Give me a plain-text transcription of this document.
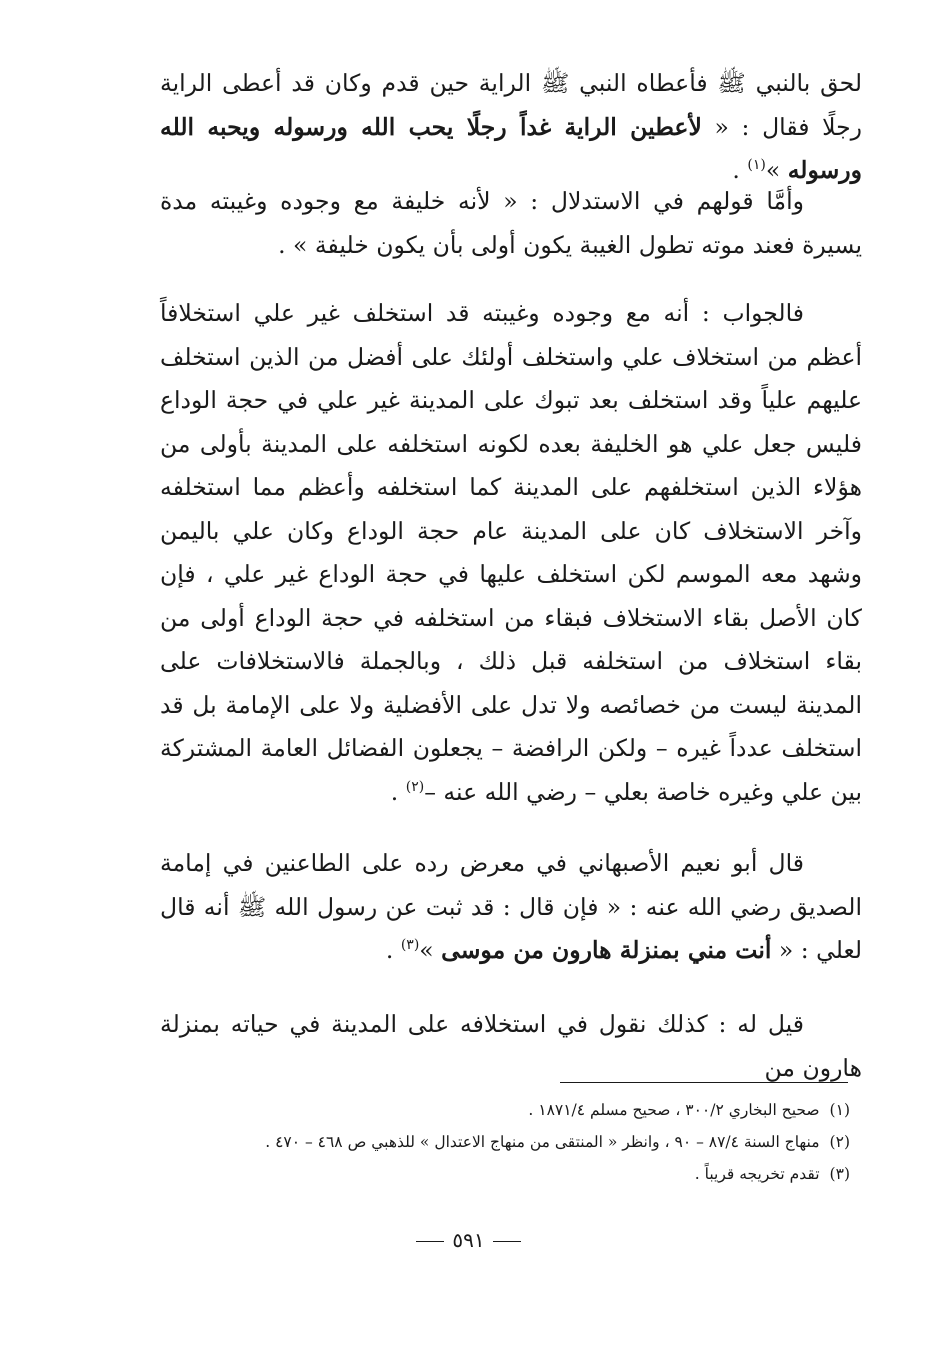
لحق بالنبي ﷺ فأعطاه النبي ﷺ الراية حين قدم وكان قد أعطى الراية رجلًا فقال : « لأعطين الراية غداً رجلًا يحب الله ورسوله ويحبه الله ورسوله »$^{(١)}$ .

وأمَّا قولهم في الاستدلال : « لأنه خليفة مع وجوده وغيبته مدة يسيرة فعند موته تطول الغيبة يكون أولى بأن يكون خليفة » .

فالجواب : أنه مع وجوده وغيبته قد استخلف غير علي استخلافاً أعظم من استخلاف علي واستخلف أولئك على أفضل من الذين استخلف عليهم علياً وقد استخلف بعد تبوك على المدينة غير علي في حجة الوداع فليس جعل علي هو الخليفة بعده لكونه استخلفه على المدينة بأولى من هؤلاء الذين استخلفهم على المدينة كما استخلفه وأعظم مما استخلفه وآخر الاستخلاف كان على المدينة عام حجة الوداع وكان علي باليمن وشهد معه الموسم لكن استخلف عليها في حجة الوداع غير علي ، فإن كان الأصل بقاء الاستخلاف فبقاء من استخلفه في حجة الوداع أولى من بقاء استخلاف من استخلفه قبل ذلك ، وبالجملة فالاستخلافات على المدينة ليست من خصائصه ولا تدل على الأفضلية ولا على الإمامة بل قد استخلف عدداً غيره – ولكن الرافضة – يجعلون الفضائل العامة المشتركة بين علي وغيره خاصة بعلي – رضي الله عنه –$^{(٢)}$ .

قال أبو نعيم الأصبهاني في معرض رده على الطاعنين في إمامة الصديق رضي الله عنه : « فإن قال : قد ثبت عن رسول الله ﷺ أنه قال لعلي : « أنت مني بمنزلة هارون من موسى »$^{(٣)}$ .

قيل له : كذلك نقول في استخلافه على المدينة في حياته بمنزلة هارون من

(١)صحيح البخاري ٣٠٠/٢ ، صحيح مسلم ١٨٧١/٤ .
(٢)منهاج السنة ٨٧/٤ – ٩٠ ، وانظر « المنتقى من منهاج الاعتدال » للذهبي ص ٤٦٨ – ٤٧٠ .
(٣)تقدم تخريجه قريباً .
٥٩١
